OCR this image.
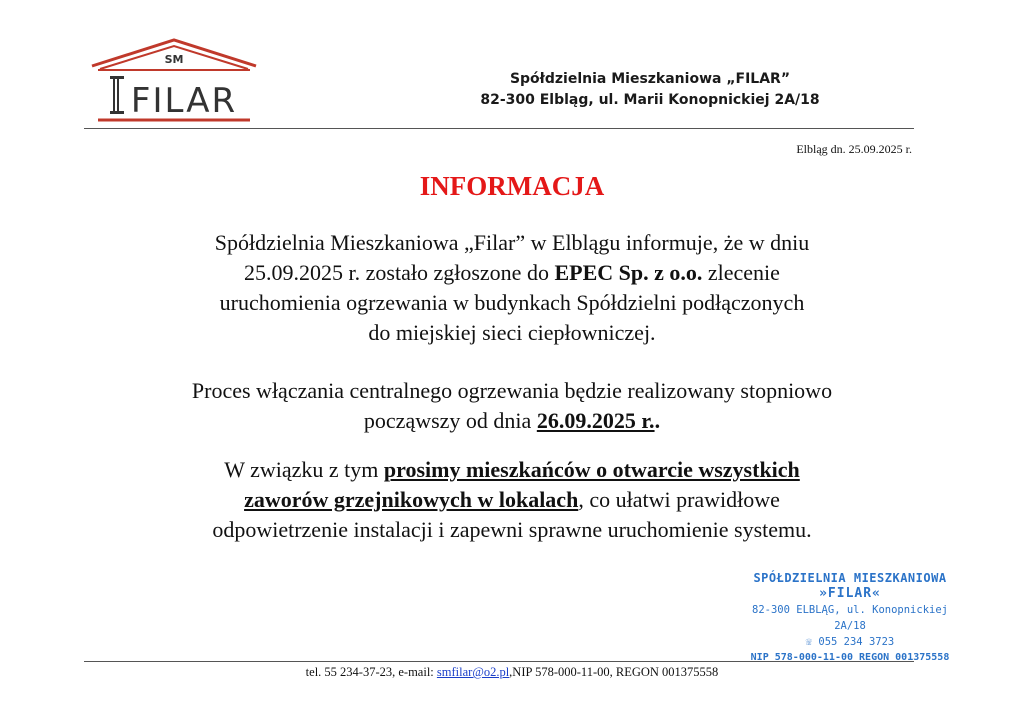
SM
FILAR
Spółdzielnia Mieszkaniowa „FILAR”
82-300 Elbląg, ul. Marii Konopnickiej 2A/18
Elbląg dn. 25.09.2025 r.
INFORMACJA
Spółdzielnia Mieszkaniowa „Filar” w Elblągu informuje, że w dniu
25.09.2025 r. zostało zgłoszone do EPEC Sp. z o.o. zlecenie
uruchomienia ogrzewania w budynkach Spółdzielni podłączonych
do miejskiej sieci ciepłowniczej.
Proces włączania centralnego ogrzewania będzie realizowany stopniowo
począwszy od dnia 26.09.2025 r..
W związku z tym prosimy mieszkańców o otwarcie wszystkich
zaworów grzejnikowych w lokalach, co ułatwi prawidłowe
odpowietrzenie instalacji i zapewni sprawne uruchomienie systemu.
SPÓŁDZIELNIA MIESZKANIOWA
»FILAR«
82-300 ELBLĄG, ul. Konopnickiej 2A/18
☏ 055 234 3723
NIP 578-000-11-00 REGON 001375558
tel. 55 234-37-23, e-mail: smfilar@o2.pl,NIP 578-000-11-00, REGON 001375558
